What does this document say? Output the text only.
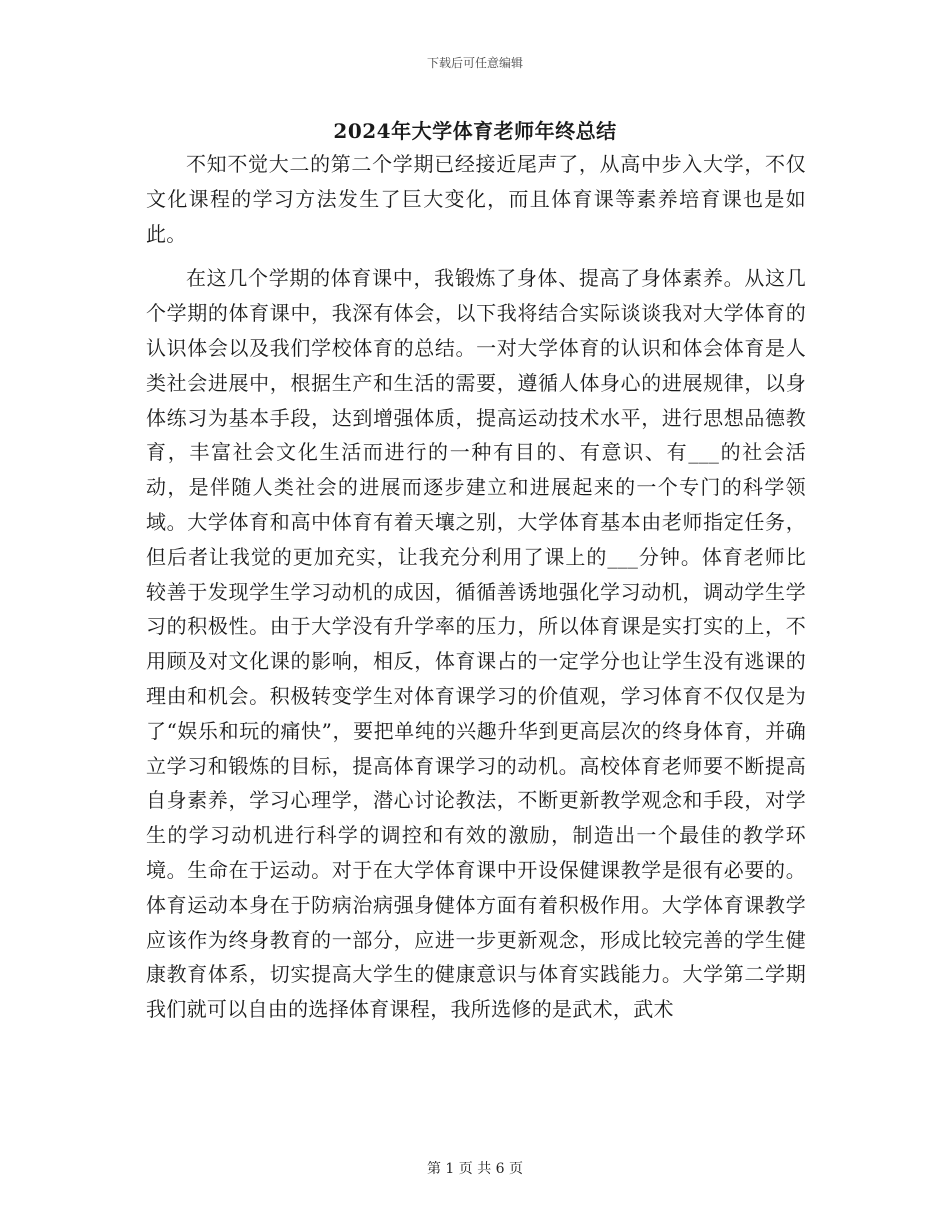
下载后可任意编辑
2024年大学体育老师年终总结

不知不觉大二的第二个学期已经接近尾声了，从高中步入大学，不仅文化课程的学习方法发生了巨大变化，而且体育课等素养培育课也是如此。

在这几个学期的体育课中，我锻炼了身体、提高了身体素养。从这几个学期的体育课中，我深有体会，以下我将结合实际谈谈我对大学体育的认识体会以及我们学校体育的总结。一对大学体育的认识和体会体育是人类社会进展中，根据生产和生活的需要，遵循人体身心的进展规律，以身体练习为基本手段，达到增强体质，提高运动技术水平，进行思想品德教育，丰富社会文化生活而进行的一种有目的、有意识、有___的社会活动，是伴随人类社会的进展而逐步建立和进展起来的一个专门的科学领域。大学体育和高中体育有着天壤之别，大学体育基本由老师指定任务，但后者让我觉的更加充实，让我充分利用了课上的___分钟。体育老师比较善于发现学生学习动机的成因，循循善诱地强化学习动机，调动学生学习的积极性。由于大学没有升学率的压力，所以体育课是实打实的上，不用顾及对文化课的影响，相反，体育课占的一定学分也让学生没有逃课的理由和机会。积极转变学生对体育课学习的价值观，学习体育不仅仅是为了“娱乐和玩的痛快”，要把单纯的兴趣升华到更高层次的终身体育，并确立学习和锻炼的目标，提高体育课学习的动机。高校体育老师要不断提高自身素养，学习心理学，潜心讨论教法，不断更新教学观念和手段，对学生的学习动机进行科学的调控和有效的激励，制造出一个最佳的教学环境。生命在于运动。对于在大学体育课中开设保健课教学是很有必要的。体育运动本身在于防病治病强身健体方面有着积极作用。大学体育课教学应该作为终身教育的一部分，应进一步更新观念，形成比较完善的学生健康教育体系，切实提高大学生的健康意识与体育实践能力。大学第二学期我们就可以自由的选择体育课程，我所选修的是武术，武术

第 1 页 共 6 页
